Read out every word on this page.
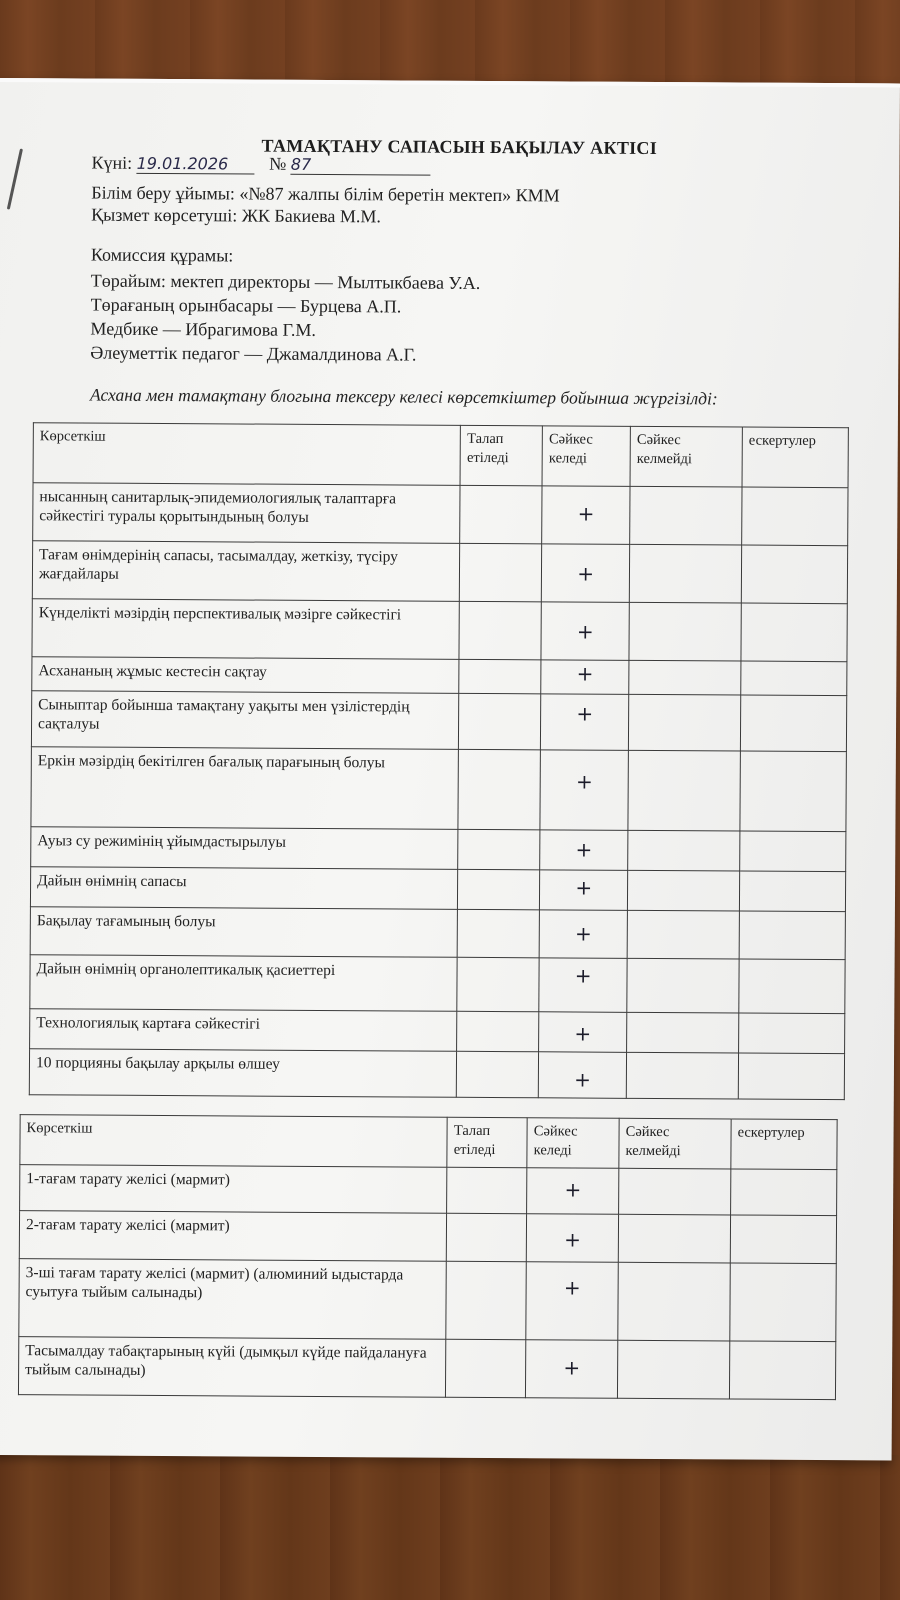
ТАМАҚТАНУ САПАСЫН БАҚЫЛАУ АКТІСІ
Күні: 19.01.2026 № 87
Білім беру ұйымы: «№87 жалпы білім беретін мектеп» КММ
Қызмет көрсетуші: ЖК Бакиева М.М.
Комиссия құрамы:
Төрайым: мектеп директоры — Мылтыкбаева У.А.
Төрағаның орынбасары — Бурцева А.П.
Медбике — Ибрагимова Г.М.
Әлеуметтік педагог — Джамалдинова А.Г.
Асхана мен тамақтану блогына тексеру келесі көрсеткіштер бойынша жүргізілді:
Көрсеткіш	Талап етіледі	Сәйкес келеді	Сәйкес келмейді	ескертулер
нысанның санитарлық-эпидемиологиялық талаптарға сәйкестігі туралы қорытындының болуы		+		

Тағам өнімдерінің сапасы, тасымалдау, жеткізу, түсіру жағдайлары		+		

Күнделікті мәзірдің перспективалық мәзірге сәйкестігі		+		

Асхананың жұмыс кестесін сақтау		+		

Сыныптар бойынша тамақтану уақыты мен үзілістердің сақталуы		+		

Еркін мәзірдің бекітілген бағалық парағының болуы		+		

Ауыз су режимінің ұйымдастырылуы		+		

Дайын өнімнің сапасы		+		

Бақылау тағамының болуы		+		

Дайын өнімнің органолептикалық қасиеттері		+		

Технологиялық картаға сәйкестігі		+		

10 порцияны бақылау арқылы өлшеу		+		

Көрсеткіш	Талап етіледі	Сәйкес келеді	Сәйкес келмейді	ескертулер
1-тағам тарату желісі (мармит)		+		

2-тағам тарату желісі (мармит)		+		

3-ші тағам тарату желісі (мармит) (алюминий ыдыстарда суытуға тыйым салынады)		+		

Тасымалдау табақтарының күйі (дымқыл күйде пайдалануға тыйым салынады)		+		
